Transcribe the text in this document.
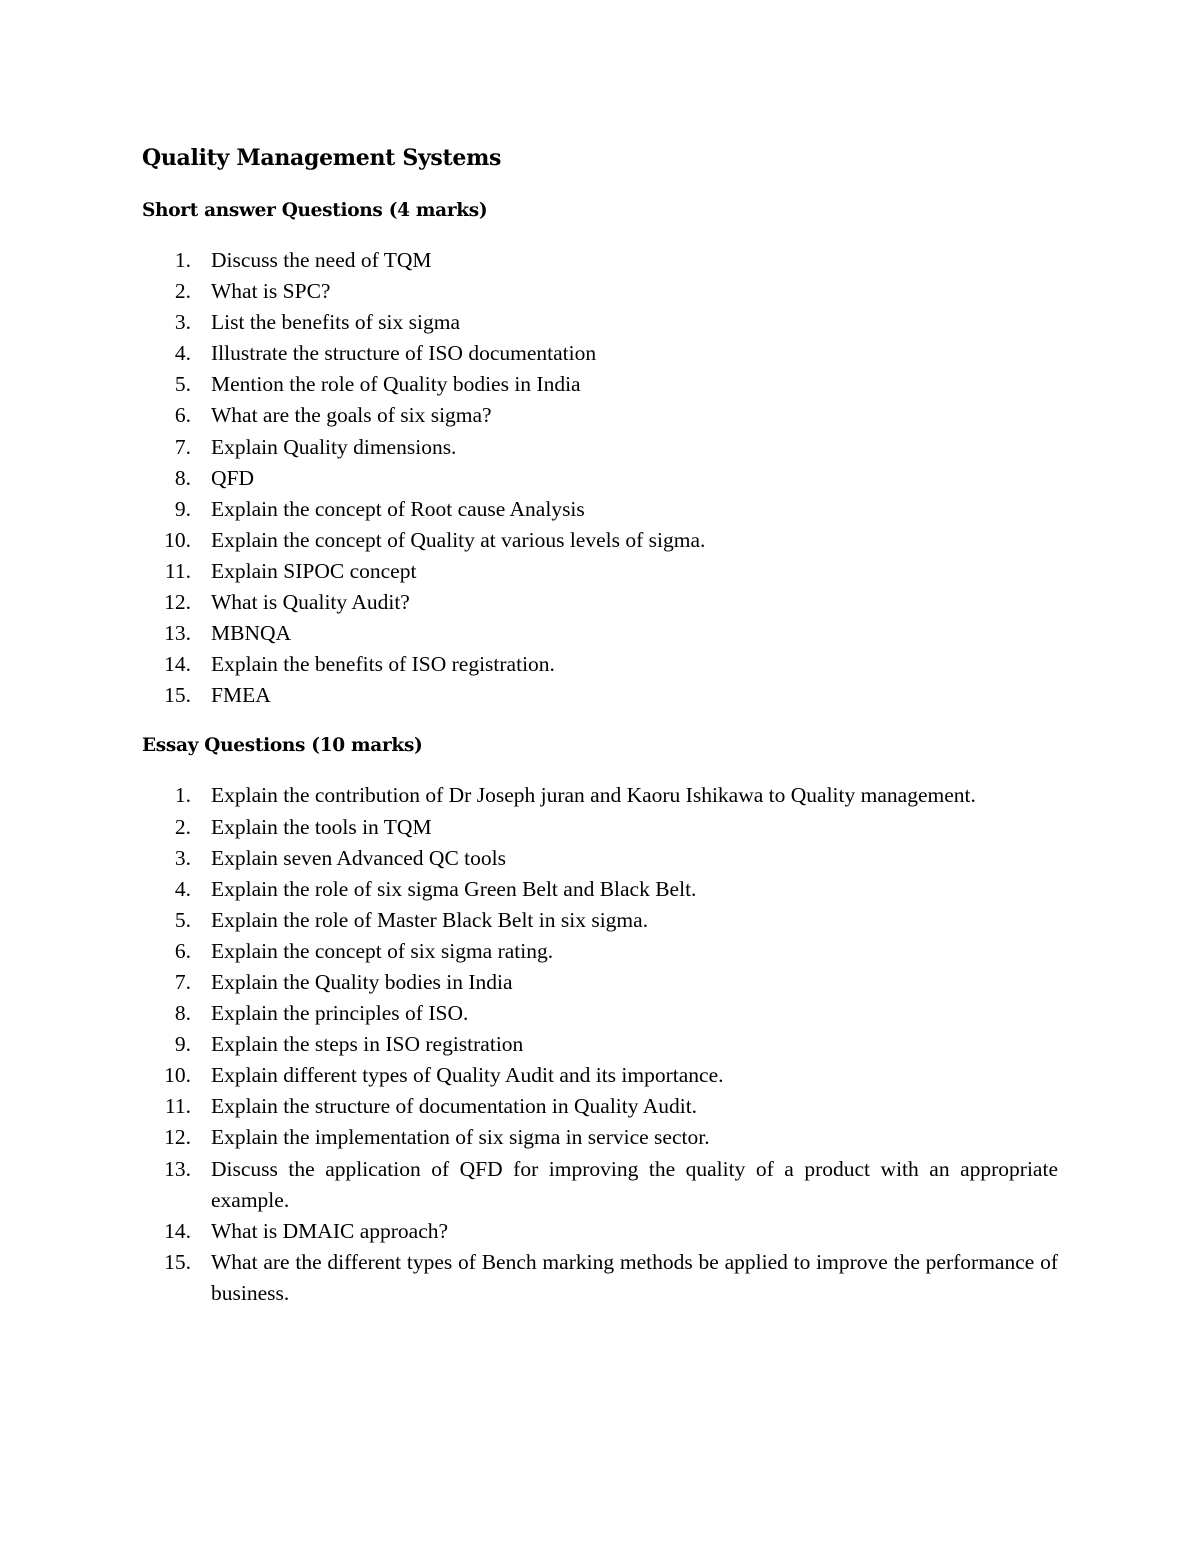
Quality Management Systems
Short answer Questions (4 marks)
1. Discuss the need of TQM
2. What is SPC?
3. List the benefits of six sigma
4. Illustrate the structure of ISO documentation
5. Mention the role of Quality bodies in India
6. What are the goals of six sigma?
7. Explain Quality dimensions.
8. QFD
9. Explain the concept of Root cause Analysis
10. Explain the concept of Quality at various levels of sigma.
11. Explain SIPOC concept
12. What is Quality Audit?
13. MBNQA
14. Explain the benefits of ISO registration.
15. FMEA
Essay Questions (10 marks)
1. Explain the contribution of Dr Joseph juran and Kaoru Ishikawa to Quality management.
2. Explain the tools in TQM
3. Explain seven Advanced QC tools
4. Explain the role of six sigma Green Belt and Black Belt.
5. Explain the role of Master Black Belt in six sigma.
6. Explain the concept of six sigma rating.
7. Explain the Quality bodies in India
8. Explain the principles of ISO.
9. Explain the steps in ISO registration
10. Explain different types of Quality Audit and its importance.
11. Explain the structure of documentation in Quality Audit.
12. Explain the implementation of six sigma in service sector.
13. Discuss the application of QFD for improving the quality of a product with an appropriate example.
14. What is DMAIC approach?
15. What are the different types of Bench marking methods be applied to improve the performance of business.
